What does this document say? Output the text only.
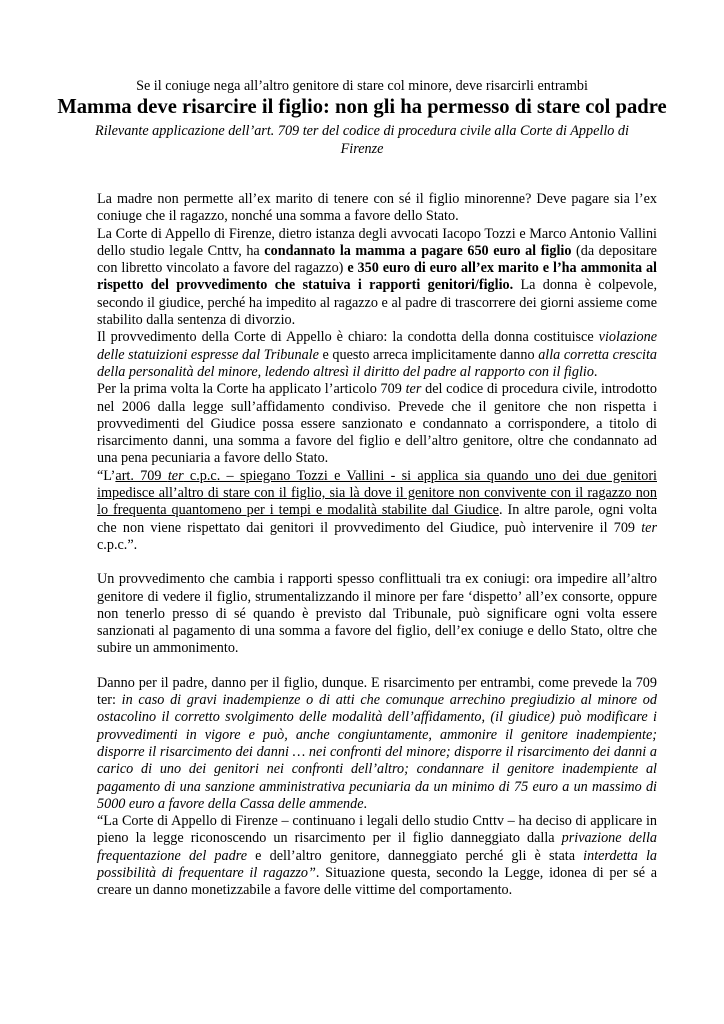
Se il coniuge nega all’altro genitore di stare col minore, deve risarcirli entrambi
Mamma deve risarcire il figlio: non gli ha permesso di stare col padre
Rilevante applicazione dell’art. 709 ter del codice di procedura civile alla Corte di Appello di Firenze

La madre non permette all’ex marito di tenere con sé il figlio minorenne? Deve pagare sia l’ex coniuge che il ragazzo, nonché una somma a favore dello Stato.

La Corte di Appello di Firenze, dietro istanza degli avvocati Iacopo Tozzi e Marco Antonio Vallini dello studio legale Cnttv, ha condannato la mamma a pagare 650 euro al figlio (da depositare con libretto vincolato a favore del ragazzo) e 350 euro di euro all’ex marito e l’ha ammonita al rispetto del provvedimento che statuiva i rapporti genitori/figlio. La donna è colpevole, secondo il giudice, perché ha impedito al ragazzo e al padre di trascorrere dei giorni assieme come stabilito dalla sentenza di divorzio.

Il provvedimento della Corte di Appello è chiaro: la condotta della donna costituisce violazione delle statuizioni espresse dal Tribunale e questo arreca implicitamente danno alla corretta crescita della personalità del minore, ledendo altresì il diritto del padre al rapporto con il figlio.

Per la prima volta la Corte ha applicato l’articolo 709 ter del codice di procedura civile, introdotto nel 2006 dalla legge sull’affidamento condiviso. Prevede che il genitore che non rispetta i provvedimenti del Giudice possa essere sanzionato e condannato a corrispondere, a titolo di risarcimento danni, una somma a favore del figlio e dell’altro genitore, oltre che condannato ad una pena pecuniaria a favore dello Stato.

“L’art. 709 ter c.p.c. – spiegano Tozzi e Vallini - si applica sia quando uno dei due genitori impedisce all’altro di stare con il figlio, sia là dove il genitore non convivente con il ragazzo non lo frequenta quantomeno per i tempi e modalità stabilite dal Giudice. In altre parole, ogni volta che non viene rispettato dai genitori il provvedimento del Giudice, può intervenire il 709 ter c.p.c.”.

Un provvedimento che cambia i rapporti spesso conflittuali tra ex coniugi: ora impedire all’altro genitore di vedere il figlio, strumentalizzando il minore per fare ‘dispetto’ all’ex consorte, oppure non tenerlo presso di sé quando è previsto dal Tribunale, può significare ogni volta essere sanzionati al pagamento di una somma a favore del figlio, dell’ex coniuge e dello Stato, oltre che subire un ammonimento.

Danno per il padre, danno per il figlio, dunque. E risarcimento per entrambi, come prevede la 709 ter: in caso di gravi inadempienze o di atti che comunque arrechino pregiudizio al minore od ostacolino il corretto svolgimento delle modalità dell’affidamento, (il giudice) può modificare i provvedimenti in vigore e può, anche congiuntamente, ammonire il genitore inadempiente; disporre il risarcimento dei danni … nei confronti del minore; disporre il risarcimento dei danni a carico di uno dei genitori nei confronti dell’altro; condannare il genitore inadempiente al pagamento di una sanzione amministrativa pecuniaria da un minimo di 75 euro a un massimo di 5000 euro a favore della Cassa delle ammende.

“La Corte di Appello di Firenze – continuano i legali dello studio Cnttv – ha deciso di applicare in pieno la legge riconoscendo un risarcimento per il figlio danneggiato dalla privazione della frequentazione del padre e dell’altro genitore, danneggiato perché gli è stata interdetta la possibilità di frequentare il ragazzo”. Situazione questa, secondo la Legge, idonea di per sé a creare un danno monetizzabile a favore delle vittime del comportamento.
